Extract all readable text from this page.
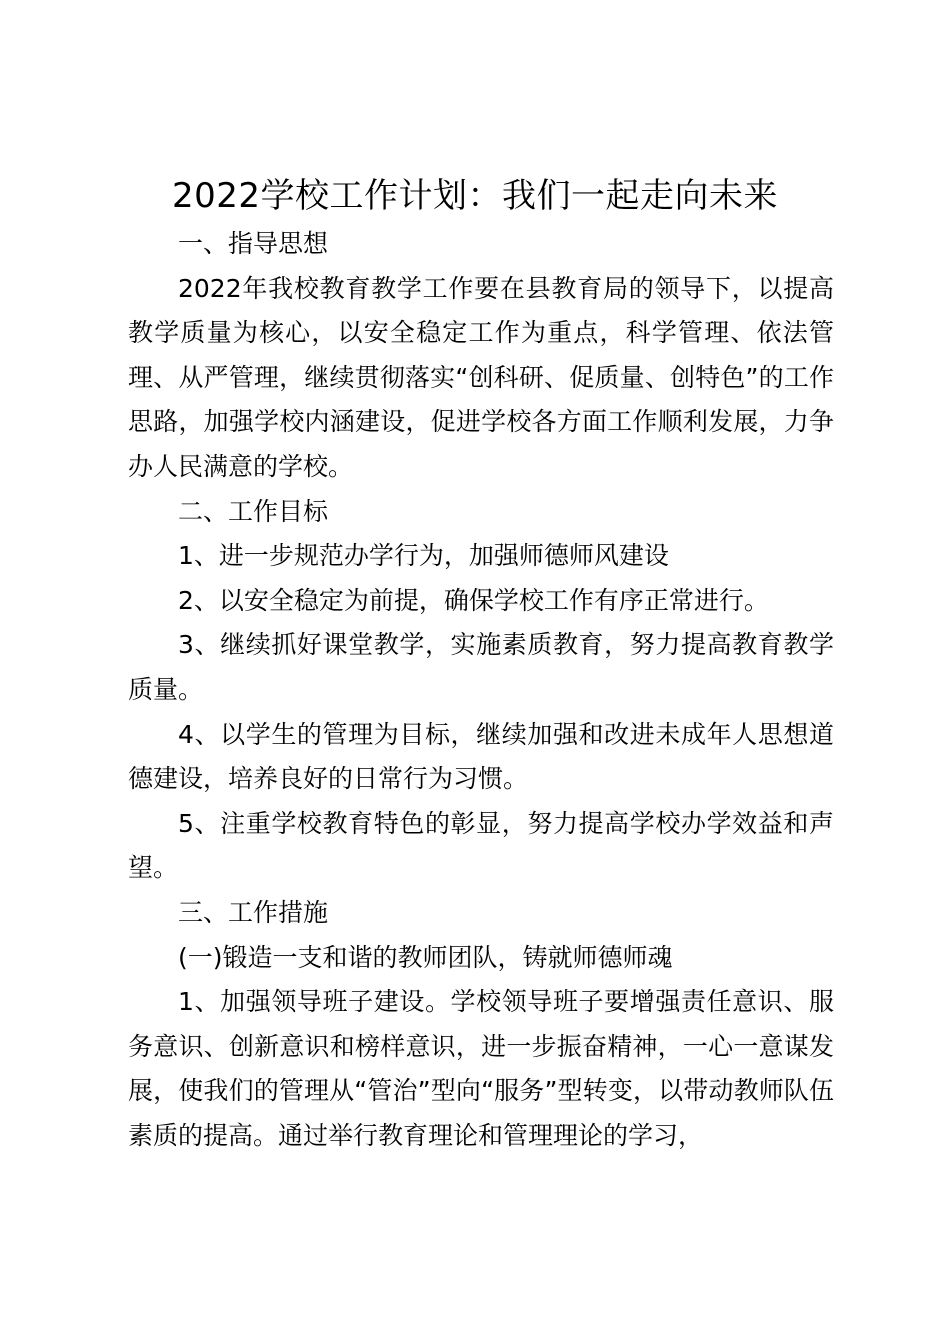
2022学校工作计划：我们一起走向未来

一、指导思想

2022年我校教育教学工作要在县教育局的领导下，以提高教学质量为核心，以安全稳定工作为重点，科学管理、依法管理、从严管理，继续贯彻落实“创科研、促质量、创特色”的工作思路，加强学校内涵建设，促进学校各方面工作顺利发展，力争办人民满意的学校。

二、工作目标

1、进一步规范办学行为，加强师德师风建设

2、以安全稳定为前提，确保学校工作有序正常进行。

3、继续抓好课堂教学，实施素质教育，努力提高教育教学质量。

4、以学生的管理为目标，继续加强和改进未成年人思想道德建设，培养良好的日常行为习惯。

5、注重学校教育特色的彰显，努力提高学校办学效益和声望。

三、工作措施

(一)锻造一支和谐的教师团队，铸就师德师魂

1、加强领导班子建设。学校领导班子要增强责任意识、服务意识、创新意识和榜样意识，进一步振奋精神，一心一意谋发展，使我们的管理从“管治”型向“服务”型转变，以带动教师队伍素质的提高。通过举行教育理论和管理理论的学习，
